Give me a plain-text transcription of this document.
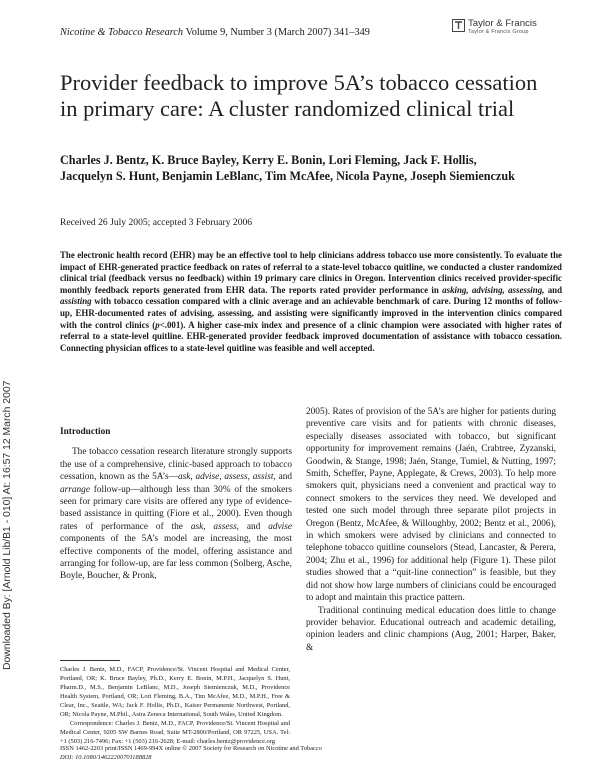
Downloaded By: [Arnold Lib/B1 - 010] At: 16:57 12 March 2007
Nicotine & Tobacco Research Volume 9, Number 3 (March 2007) 341–349
Taylor & Francis
Taylor & Francis Group
Provider feedback to improve 5A’s tobacco cessation in primary care: A cluster randomized clinical trial
Charles J. Bentz, K. Bruce Bayley, Kerry E. Bonin, Lori Fleming, Jack F. Hollis, Jacquelyn S. Hunt, Benjamin LeBlanc, Tim McAfee, Nicola Payne, Joseph Siemienczuk
Received 26 July 2005; accepted 3 February 2006
The electronic health record (EHR) may be an effective tool to help clinicians address tobacco use more consistently. To evaluate the impact of EHR-generated practice feedback on rates of referral to a state-level tobacco quitline, we conducted a cluster randomized clinical trial (feedback versus no feedback) within 19 primary care clinics in Oregon. Intervention clinics received provider-specific monthly feedback reports generated from EHR data. The reports rated provider performance in asking, advising, assessing, and assisting with tobacco cessation compared with a clinic average and an achievable benchmark of care. During 12 months of follow-up, EHR-documented rates of advising, assessing, and assisting were significantly improved in the intervention clinics compared with the control clinics (p<.001). A higher case-mix index and presence of a clinic champion were associated with higher rates of referral to a state-level quitline. EHR-generated provider feedback improved documentation of assistance with tobacco cessation. Connecting physician offices to a state-level quitline was feasible and well accepted.
Introduction
The tobacco cessation research literature strongly supports the use of a comprehensive, clinic-based approach to tobacco cessation, known as the 5A’s—ask, advise, assess, assist, and arrange follow-up—although less than 30% of the smokers seen for primary care visits are offered any type of evidence-based assistance in quitting (Fiore et al., 2000). Even though rates of performance of the ask, assess, and advise components of the 5A’s model are increasing, the most effective components of the model, offering assistance and arranging for follow-up, are far less common (Solberg, Asche, Boyle, Boucher, & Pronk,
2005). Rates of provision of the 5A’s are higher for patients during preventive care visits and for patients with chronic diseases, especially diseases associated with tobacco, but significant opportunity for improvement remains (Jaén, Crabtree, Zyzanski, Goodwin, & Stange, 1998; Jaén, Stange, Tumiel, & Nutting, 1997; Smith, Scheffer, Payne, Applegate, & Crews, 2003). To help more smokers quit, physicians need a convenient and practical way to connect smokers to the services they need. We developed and tested one such model through three separate pilot projects in Oregon (Bentz, McAfee, & Willoughby, 2002; Bentz et al., 2006), in which smokers were advised by clinicians and connected to telephone tobacco quitline counselors (Stead, Lancaster, & Perera, 2004; Zhu et al., 1996) for additional help (Figure 1). These pilot studies showed that a “quit-line connection” is feasible, but they did not show how large numbers of clinicians could be encouraged to adopt and maintain this practice pattern.
Traditional continuing medical education does little to change provider behavior. Educational outreach and academic detailing, opinion leaders and clinic champions (Aug, 2001; Harper, Baker, &
Charles J. Bentz, M.D., FACP, Providence/St. Vincent Hospital and Medical Center, Portland, OR; K. Bruce Bayley, Ph.D., Kerry E. Bonin, M.P.H., Jacquelyn S. Hunt, Pharm.D., M.S., Benjamin LeBlanc, M.D., Joseph Siemienczuk, M.D., Providence Health System, Portland, OR; Lori Fleming, B.A., Tim McAfee, M.D., M.P.H., Free & Clear, Inc., Seattle, WA; Jack F. Hollis, Ph.D., Kaiser Permanente Northwest, Portland, OR; Nicola Payne, M.Phil., Astra Zeneca International, South Wales, United Kingdom.
Correspondence: Charles J. Bentz, M.D., FACP, Providence/St. Vincent Hospital and Medical Center, 9205 SW Barnes Road, Suite MT-2800/Portland, OR 97225, USA. Tel: +1 (503) 216-7496; Fax: +1 (503) 216-2628; E-mail: charles.bentz@providence.org
ISSN 1462-2203 print/ISSN 1469-994X online © 2007 Society for Research on Nicotine and Tobacco
DOI: 10.1080/14622200701188828
